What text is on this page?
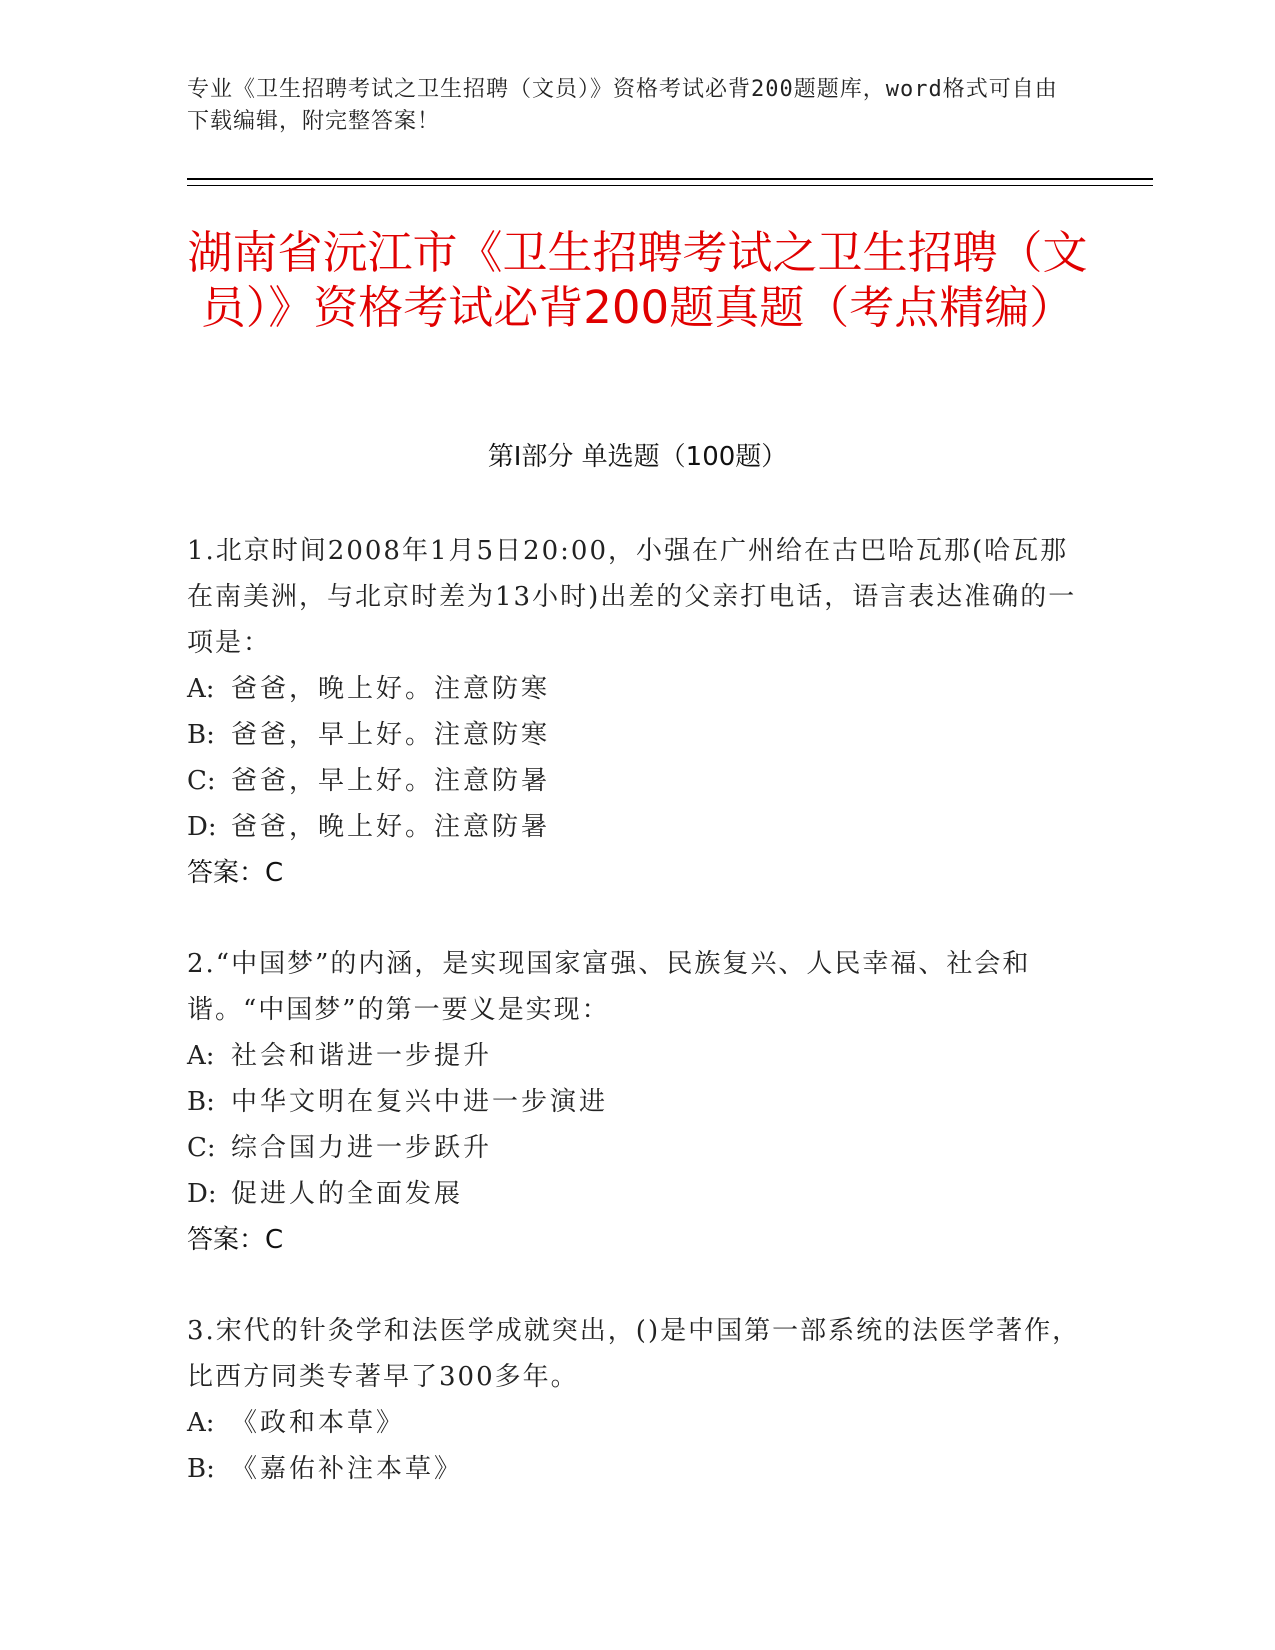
专业《卫生招聘考试之卫生招聘（文员）》资格考试必背200题题库，word格式可自由下载编辑，附完整答案！
湖南省沅江市《卫生招聘考试之卫生招聘（文员）》资格考试必背200题真题（考点精编）
第Ⅰ部分 单选题（100题）
1.北京时间2008年1月5日20:00，小强在广州给在古巴哈瓦那(哈瓦那在南美洲，与北京时差为13小时)出差的父亲打电话，语言表达准确的一项是：
A: 爸爸，晚上好。注意防寒
B: 爸爸，早上好。注意防寒
C: 爸爸，早上好。注意防暑
D: 爸爸，晚上好。注意防暑
答案：C
2.“中国梦”的内涵，是实现国家富强、民族复兴、人民幸福、社会和谐。“中国梦”的第一要义是实现：
A: 社会和谐进一步提升
B: 中华文明在复兴中进一步演进
C: 综合国力进一步跃升
D: 促进人的全面发展
答案：C
3.宋代的针灸学和法医学成就突出，()是中国第一部系统的法医学著作，比西方同类专著早了300多年。
A: 《政和本草》
B: 《嘉佑补注本草》
